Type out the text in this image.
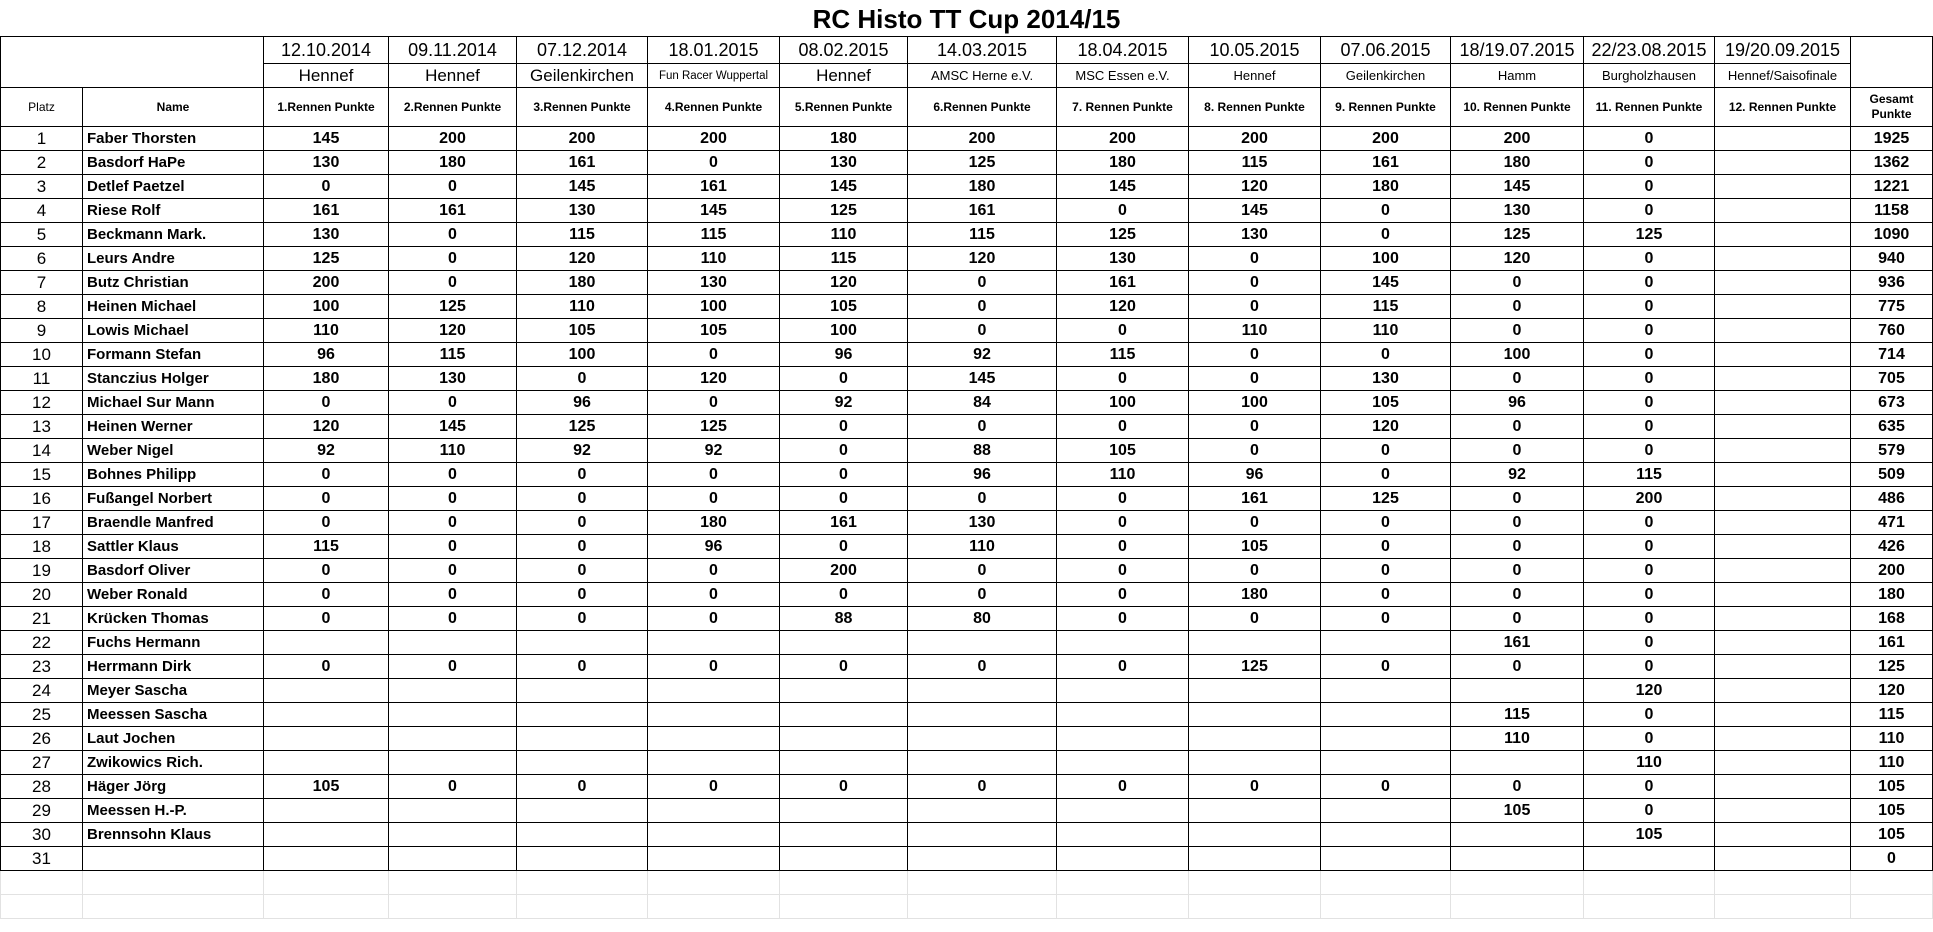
RC Histo TT Cup 2014/15
		12.10.2014	09.11.2014	07.12.2014	18.01.2015	08.02.2015	14.03.2015	18.04.2015	10.05.2015	07.06.2015	18/19.07.2015	22/23.08.2015	19/20.09.2015	
		Hennef	Hennef	Geilenkirchen	Fun Racer Wuppertal	Hennef	AMSC Herne e.V.	MSC Essen e.V.	Hennef	Geilenkirchen	Hamm	Burgholzhausen	Hennef/Saisofinale	
Platz	Name	1.Rennen Punkte	2.Rennen Punkte	3.Rennen Punkte	4.Rennen Punkte	5.Rennen Punkte	6.Rennen Punkte	7. Rennen Punkte	8. Rennen Punkte	9. Rennen Punkte	10. Rennen Punkte	11. Rennen Punkte	12. Rennen Punkte	Gesamt
Punkte
1	Faber Thorsten	145	200	200	200	180	200	200	200	200	200	0		1925
2	Basdorf HaPe	130	180	161	0	130	125	180	115	161	180	0		1362
3	Detlef Paetzel	0	0	145	161	145	180	145	120	180	145	0		1221
4	Riese Rolf	161	161	130	145	125	161	0	145	0	130	0		1158
5	Beckmann Mark.	130	0	115	115	110	115	125	130	0	125	125		1090
6	Leurs Andre	125	0	120	110	115	120	130	0	100	120	0		940
7	Butz Christian	200	0	180	130	120	0	161	0	145	0	0		936
8	Heinen Michael	100	125	110	100	105	0	120	0	115	0	0		775
9	Lowis Michael	110	120	105	105	100	0	0	110	110	0	0		760
10	Formann Stefan	96	115	100	0	96	92	115	0	0	100	0		714
11	Stanczius Holger	180	130	0	120	0	145	0	0	130	0	0		705
12	Michael Sur Mann	0	0	96	0	92	84	100	100	105	96	0		673
13	Heinen Werner	120	145	125	125	0	0	0	0	120	0	0		635
14	Weber Nigel	92	110	92	92	0	88	105	0	0	0	0		579
15	Bohnes Philipp	0	0	0	0	0	96	110	96	0	92	115		509
16	Fußangel Norbert	0	0	0	0	0	0	0	161	125	0	200		486
17	Braendle Manfred	0	0	0	180	161	130	0	0	0	0	0		471
18	Sattler Klaus	115	0	0	96	0	110	0	105	0	0	0		426
19	Basdorf Oliver	0	0	0	0	200	0	0	0	0	0	0		200
20	Weber Ronald	0	0	0	0	0	0	0	180	0	0	0		180
21	Krücken Thomas	0	0	0	0	88	80	0	0	0	0	0		168
22	Fuchs Hermann										161	0		161
23	Herrmann Dirk	0	0	0	0	0	0	0	125	0	0	0		125
24	Meyer Sascha											120		120
25	Meessen Sascha										115	0		115
26	Laut Jochen										110	0		110
27	Zwikowics Rich.											110		110
28	Häger Jörg	105	0	0	0	0	0	0	0	0	0	0		105
29	Meessen H.-P.										105	0		105
30	Brennsohn Klaus											105		105
31														0
